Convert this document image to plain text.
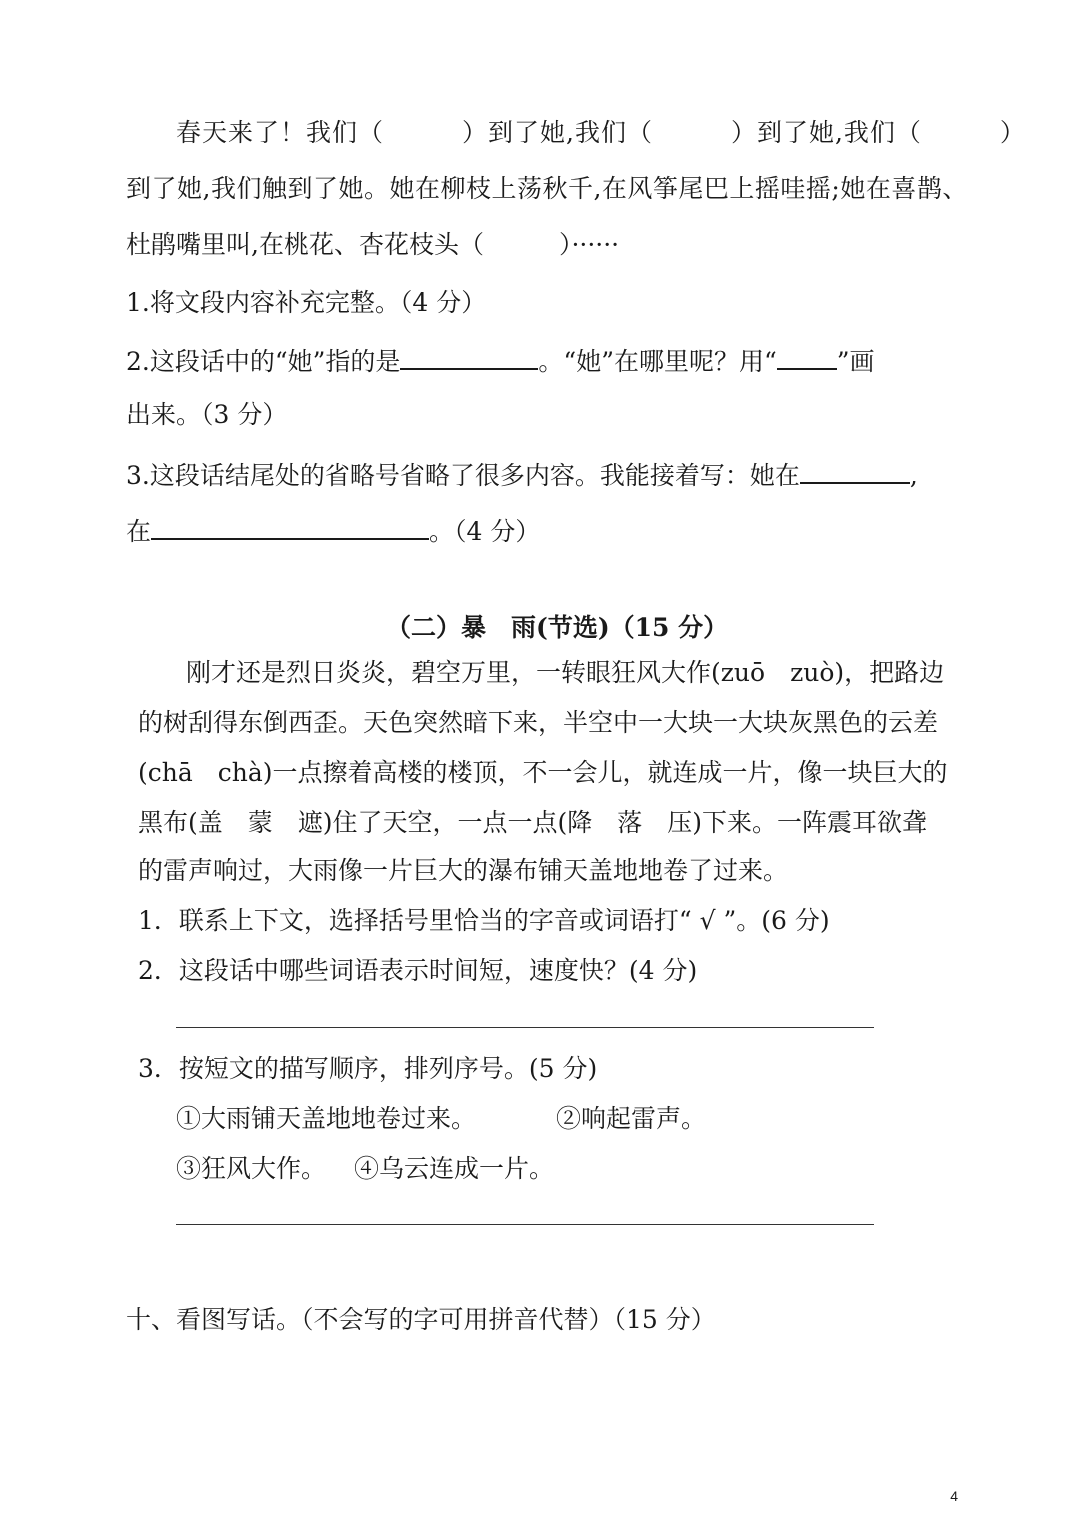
春天来了！我们（　　　）到了她,我们（　　　）到了她,我们（　　　）
到了她,我们触到了她。她在柳枝上荡秋千,在风筝尾巴上摇哇摇;她在喜鹊、
杜鹃嘴里叫,在桃花、杏花枝头（　　　）······
1.将文段内容补充完整。（4 分）
2.这段话中的“她”指的是	。“她”在哪里呢？用“ ”画
出来。（3 分）
3.这段话结尾处的省略号省略了很多内容。我能接着写：她在	,
在	。（4 分）
（二）暴　雨(节选)（15 分）
刚才还是烈日炎炎，碧空万里，一转眼狂风大作(zuō　zuò)，把路边
的树刮得东倒西歪。天色突然暗下来，半空中一大块一大块灰黑色的云差
(chā　chà)一点擦着高楼的楼顶，不一会儿，就连成一片，像一块巨大的
黑布(盖　蒙　遮)住了天空，一点一点(降　落　压)下来。一阵震耳欲聋
的雷声响过，大雨像一片巨大的瀑布铺天盖地地卷了过来。
1．联系上下文，选择括号里恰当的字音或词语打“ √ ”。(6 分)
2．这段话中哪些词语表示时间短，速度快？(4 分)
3．按短文的描写顺序，排列序号。(5 分)
①大雨铺天盖地地卷过来。	②响起雷声。
③狂风大作。 ④乌云连成一片。
十、看图写话。（不会写的字可用拼音代替）（15 分）
4
